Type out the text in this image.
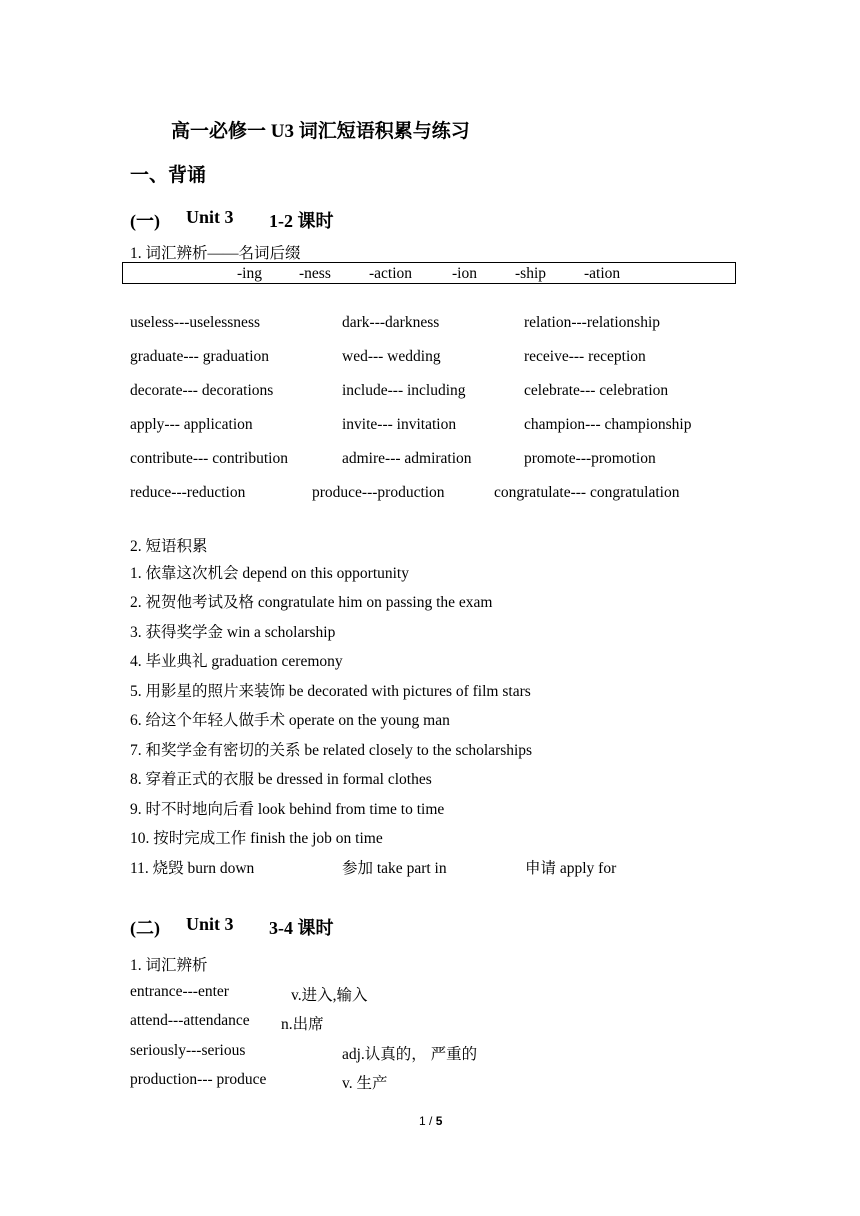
高一必修一 U3 词汇短语积累与练习
一、背诵
(一) Unit 3 1-2 课时
1. 词汇辨析——名词后缀
-ing -ness -action	-ion -ship -ation
useless---uselessness	dark---darkness	relation---relationship
graduate--- graduation	wed--- wedding	receive--- reception
decorate--- decorations	include--- including	celebrate--- celebration
apply--- application	invite--- invitation	champion--- championship
contribute--- contribution	admire--- admiration	promote---promotion
reduce---reduction	produce---production	congratulate--- congratulation
2. 短语积累
1. 依靠这次机会 depend on this opportunity
2. 祝贺他考试及格 congratulate him on passing the exam
3. 获得奖学金 win a scholarship
4. 毕业典礼 graduation ceremony
5. 用影星的照片来装饰 be decorated with pictures of film stars
6. 给这个年轻人做手术 operate on the young man
7. 和奖学金有密切的关系 be related closely to the scholarships
8. 穿着正式的衣服 be dressed in formal clothes
9. 时不时地向后看 look behind from time to time
10. 按时完成工作 finish the job on time
11. 烧毁 burn down	参加 take part in	申请 apply for
(二) Unit 3 3-4 课时
1. 词汇辨析
entrance---enter	v.进入,输入
attend---attendance n.出席
seriously---serious	adj.认真的， 严重的
production--- produce	v. 生产
1 / 5
